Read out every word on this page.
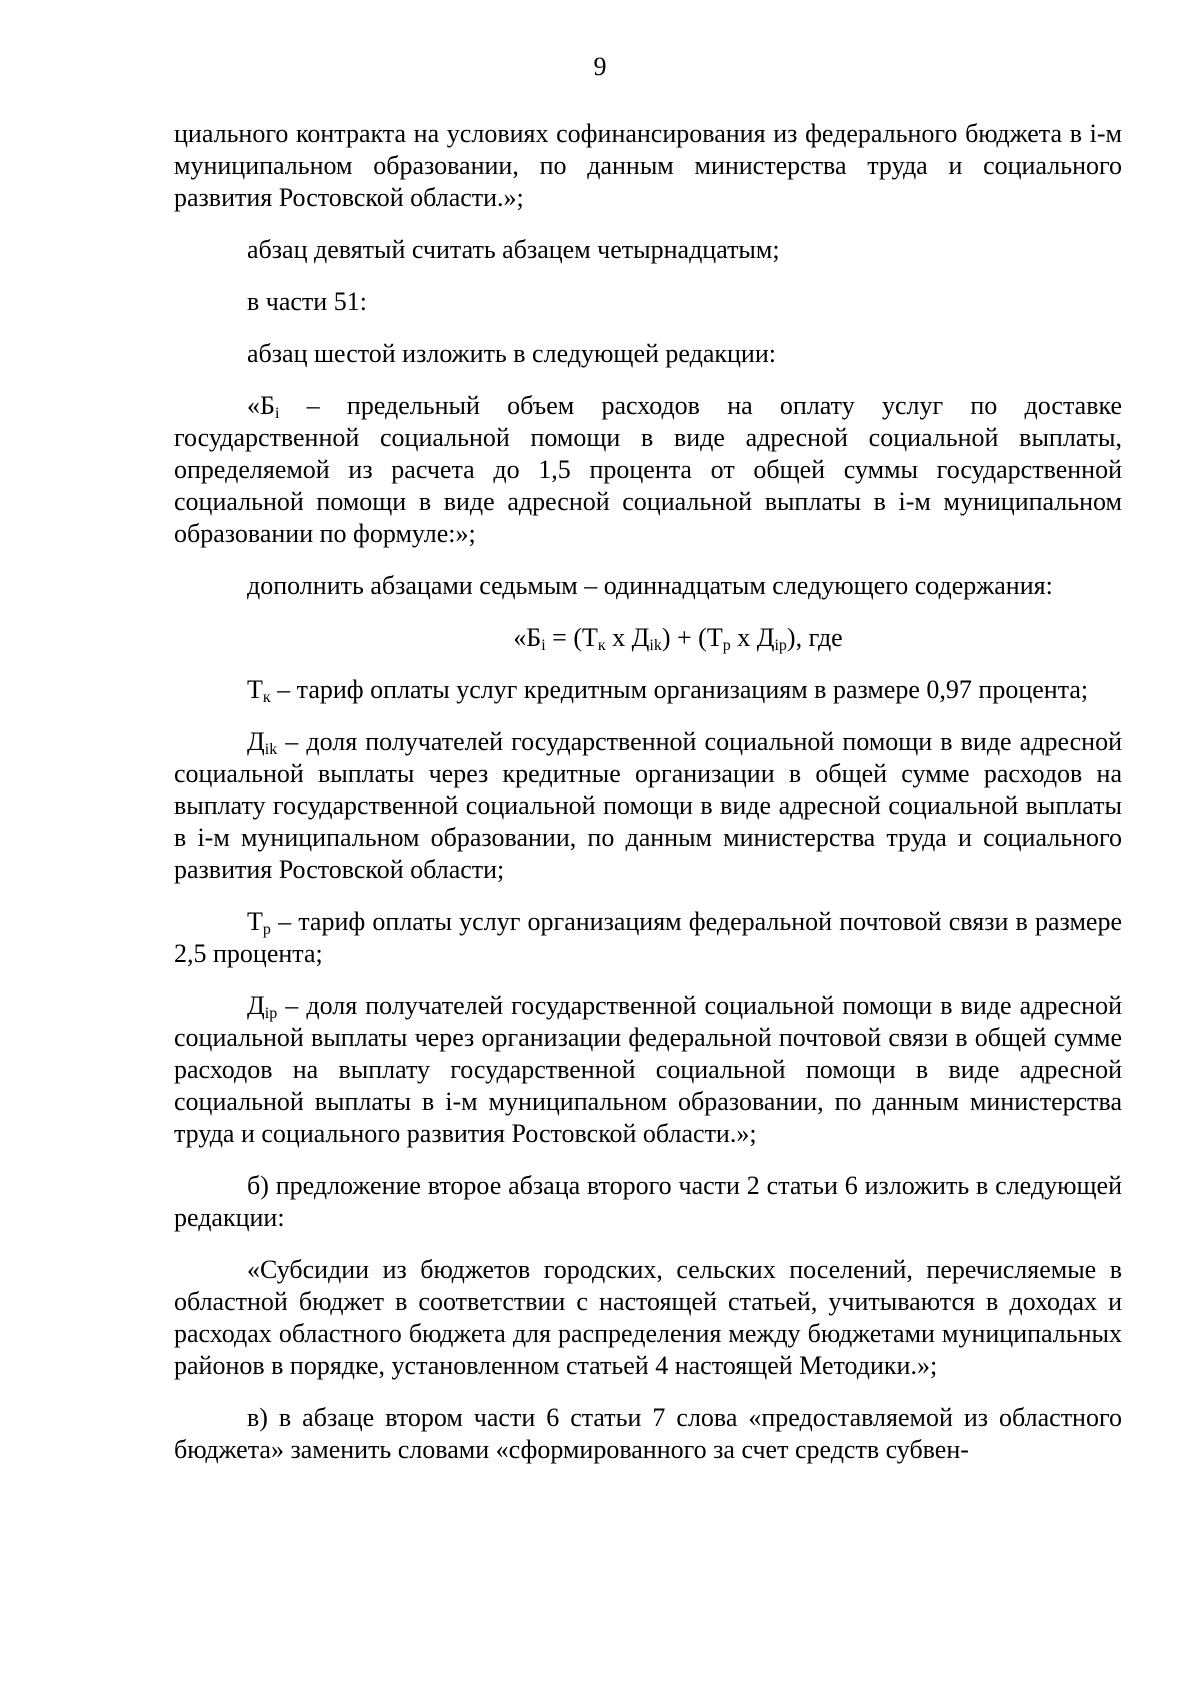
9

циального контракта на условиях софинансирования из федерального бюджета в i-м муниципальном образовании, по данным министерства труда и социального развития Ростовской области.»;

абзац девятый считать абзацем четырнадцатым;

в части 51:

абзац шестой изложить в следующей редакции:

«$Б_i$ – предельный объем расходов на оплату услуг по доставке государственной социальной помощи в виде адресной социальной выплаты, определяемой из расчета до 1,5 процента от общей суммы государственной социальной помощи в виде адресной социальной выплаты в i-м муниципальном образовании по формуле:»;

дополнить абзацами седьмым – одиннадцатым следующего содержания:

«$Б_i = (Т_к$ х $Д_{ik}) + (Т_р$ х $Д_{ip}$), где

$Т_к$ – тариф оплаты услуг кредитным организациям в размере 0,97 процента;

$Д_{ik}$ – доля получателей государственной социальной помощи в виде адресной социальной выплаты через кредитные организации в общей сумме расходов на выплату государственной социальной помощи в виде адресной социальной выплаты в i-м муниципальном образовании, по данным министерства труда и социального развития Ростовской области;

$Т_р$ – тариф оплаты услуг организациям федеральной почтовой связи в размере 2,5 процента;

$Д_{ip}$ – доля получателей государственной социальной помощи в виде адресной социальной выплаты через организации федеральной почтовой связи в общей сумме расходов на выплату государственной социальной помощи в виде адресной социальной выплаты в i-м муниципальном образовании, по данным министерства труда и социального развития Ростовской области.»;

б) предложение второе абзаца второго части 2 статьи 6 изложить в следующей редакции:

«Субсидии из бюджетов городских, сельских поселений, перечисляемые в областной бюджет в соответствии с настоящей статьей, учитываются в доходах и расходах областного бюджета для распределения между бюджетами муниципальных районов в порядке, установленном статьей 4 настоящей Методики.»;

в) в абзаце втором части 6 статьи 7 слова «предоставляемой из областного бюджета» заменить словами «сформированного за счет средств субвен-
